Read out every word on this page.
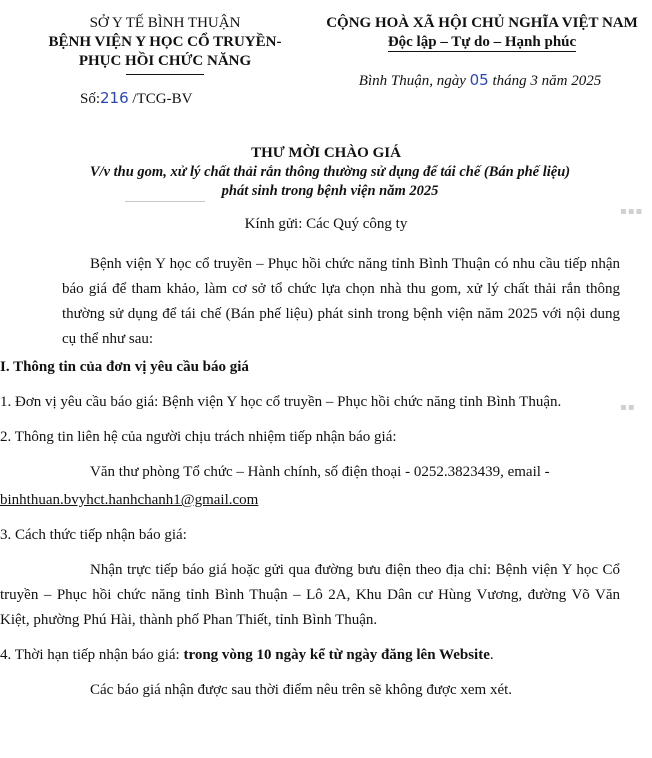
SỞ Y TẾ BÌNH THUẬN
BỆNH VIỆN Y HỌC CỔ TRUYỀN-
PHỤC HỒI CHỨC NĂNG
Số:216 /TCG-BV
CỘNG HOÀ XÃ HỘI CHỦ NGHĨA VIỆT NAM
Độc lập – Tự do – Hạnh phúc
Bình Thuận, ngày 05 tháng 3 năm 2025
THƯ MỜI CHÀO GIÁ
V/v thu gom, xử lý chất thải rắn thông thường sử dụng để tái chế (Bán phế liệu)
phát sinh trong bệnh viện năm 2025
Kính gửi: Các Quý công ty

Bệnh viện Y học cổ truyền – Phục hồi chức năng tỉnh Bình Thuận có nhu cầu tiếp nhận báo giá để tham khảo, làm cơ sở tổ chức lựa chọn nhà thu gom, xử lý chất thải rắn thông thường sử dụng để tái chế (Bán phế liệu) phát sinh trong bệnh viện năm 2025 với nội dung cụ thể như sau:

I. Thông tin của đơn vị yêu cầu báo giá

1. Đơn vị yêu cầu báo giá: Bệnh viện Y học cổ truyền – Phục hồi chức năng tỉnh Bình Thuận.

2. Thông tin liên hệ của người chịu trách nhiệm tiếp nhận báo giá:

Văn thư phòng Tổ chức – Hành chính, số điện thoại - 0252.3823439, email -

binhthuan.bvyhct.hanhchanh1@gmail.com

3. Cách thức tiếp nhận báo giá:

Nhận trực tiếp báo giá hoặc gửi qua đường bưu điện theo địa chỉ: Bệnh viện Y học Cổ truyền – Phục hồi chức năng tỉnh Bình Thuận – Lô 2A, Khu Dân cư Hùng Vương, đường Võ Văn Kiệt, phường Phú Hài, thành phố Phan Thiết, tỉnh Bình Thuận.

4. Thời hạn tiếp nhận báo giá: trong vòng 10 ngày kể từ ngày đăng lên Website.

Các báo giá nhận được sau thời điểm nêu trên sẽ không được xem xét.

▪▪▪
▪▪
